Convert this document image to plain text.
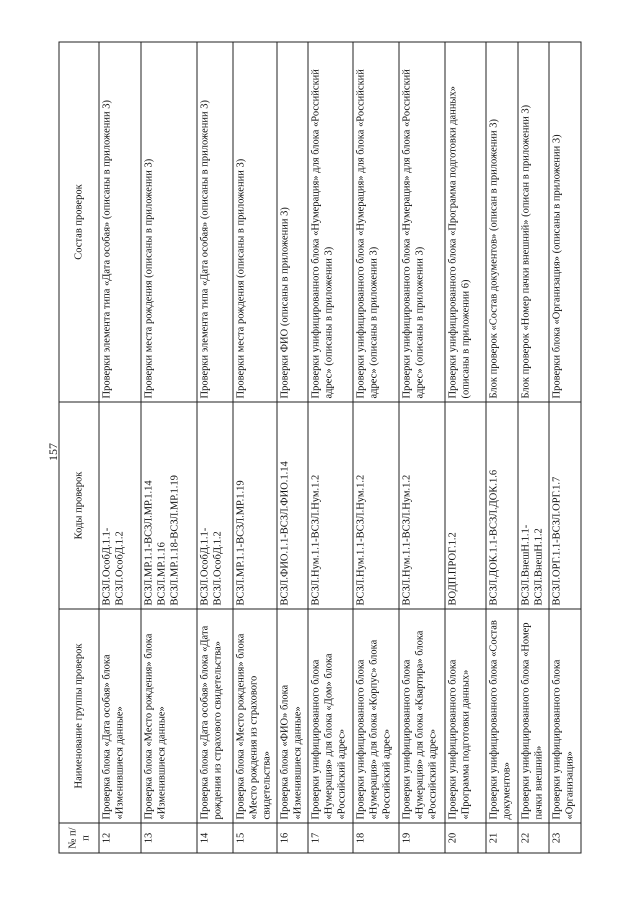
157
№ п/п	Наименование группы проверок	Коды проверок	Состав проверок
12	Проверка блока «Дата особая» блока «Изменившиеся данные»	ВСЗЛ.ОсобД.1.1- ВСЗЛ.ОсобД.1.2	Проверки элемента типа «Дата особая» (описаны в приложении 3)
13	Проверка блока «Место рождения» блока «Изменившиеся данные»	ВСЗЛ.МР.1.1-ВСЗЛ.МР.1.14 ВСЗЛ.МР.1.16 ВСЗЛ.МР.1.18-ВСЗЛ.МР.1.19	Проверки места рождения (описаны в приложении 3)
14	Проверка блока «Дата особая» блока «Дата рождения из страхового свидетельства»	ВСЗЛ.ОсобД.1.1- ВСЗЛ.ОсобД.1.2	Проверки элемента типа «Дата особая» (описаны в приложении 3)
15	Проверка блока «Место рождения» блока «Место рождения из страхового свидетельства»	ВСЗЛ.МР.1.1-ВСЗЛ.МР.1.19	Проверки места рождения (описаны в приложении 3)
16	Проверка блока «ФИО» блока «Изменившиеся данные»	ВСЗЛ.ФИО.1.1-ВСЗЛ.ФИО.1.14	Проверки ФИО (описаны в приложении 3)
17	Проверки унифицированного блока «Нумерация» для блока «Дом» блока «Российский адрес»	ВСЗЛ.Нум.1.1-ВСЗЛ.Нум.1.2	Проверки унифицированного блока «Нумерация» для блока «Российский адрес» (описаны в приложении 3)
18	Проверки унифицированного блока «Нумерация» для блока «Корпус» блока «Российский адрес»	ВСЗЛ.Нум.1.1-ВСЗЛ.Нум.1.2	Проверки унифицированного блока «Нумерация» для блока «Российский адрес» (описаны в приложении 3)
19	Проверки унифицированного блока «Нумерация» для блока «Квартира» блока «Российский адрес»	ВСЗЛ.Нум.1.1-ВСЗЛ.Нум.1.2	Проверки унифицированного блока «Нумерация» для блока «Российский адрес» (описаны в приложении 3)
20	Проверки унифицированного блока «Программа подготовки данных»	ВОДП.ПРОГ.1.2	Проверки унифицированного блока «Программа подготовки данных» (описаны в приложении 6)
21	Проверки унифицированного блока «Состав документов»	ВСЗЛ.ДОК.1.1-ВСЗЛ.ДОК.1.6	Блок проверок «Состав документов» (описан в приложении 3)
22	Проверки унифицированного блока «Номер пачки внешний»	ВСЗЛ.ВнешН.1.1- ВСЗЛ.ВнешН.1.2	Блок проверок «Номер пачки внешний» (описан в приложении 3)
23	Проверки унифицированного блока «Организация»	ВСЗЛ.ОРГ.1.1-ВСЗЛ.ОРГ.1.7	Проверки блока «Организация» (описаны в приложении 3)
